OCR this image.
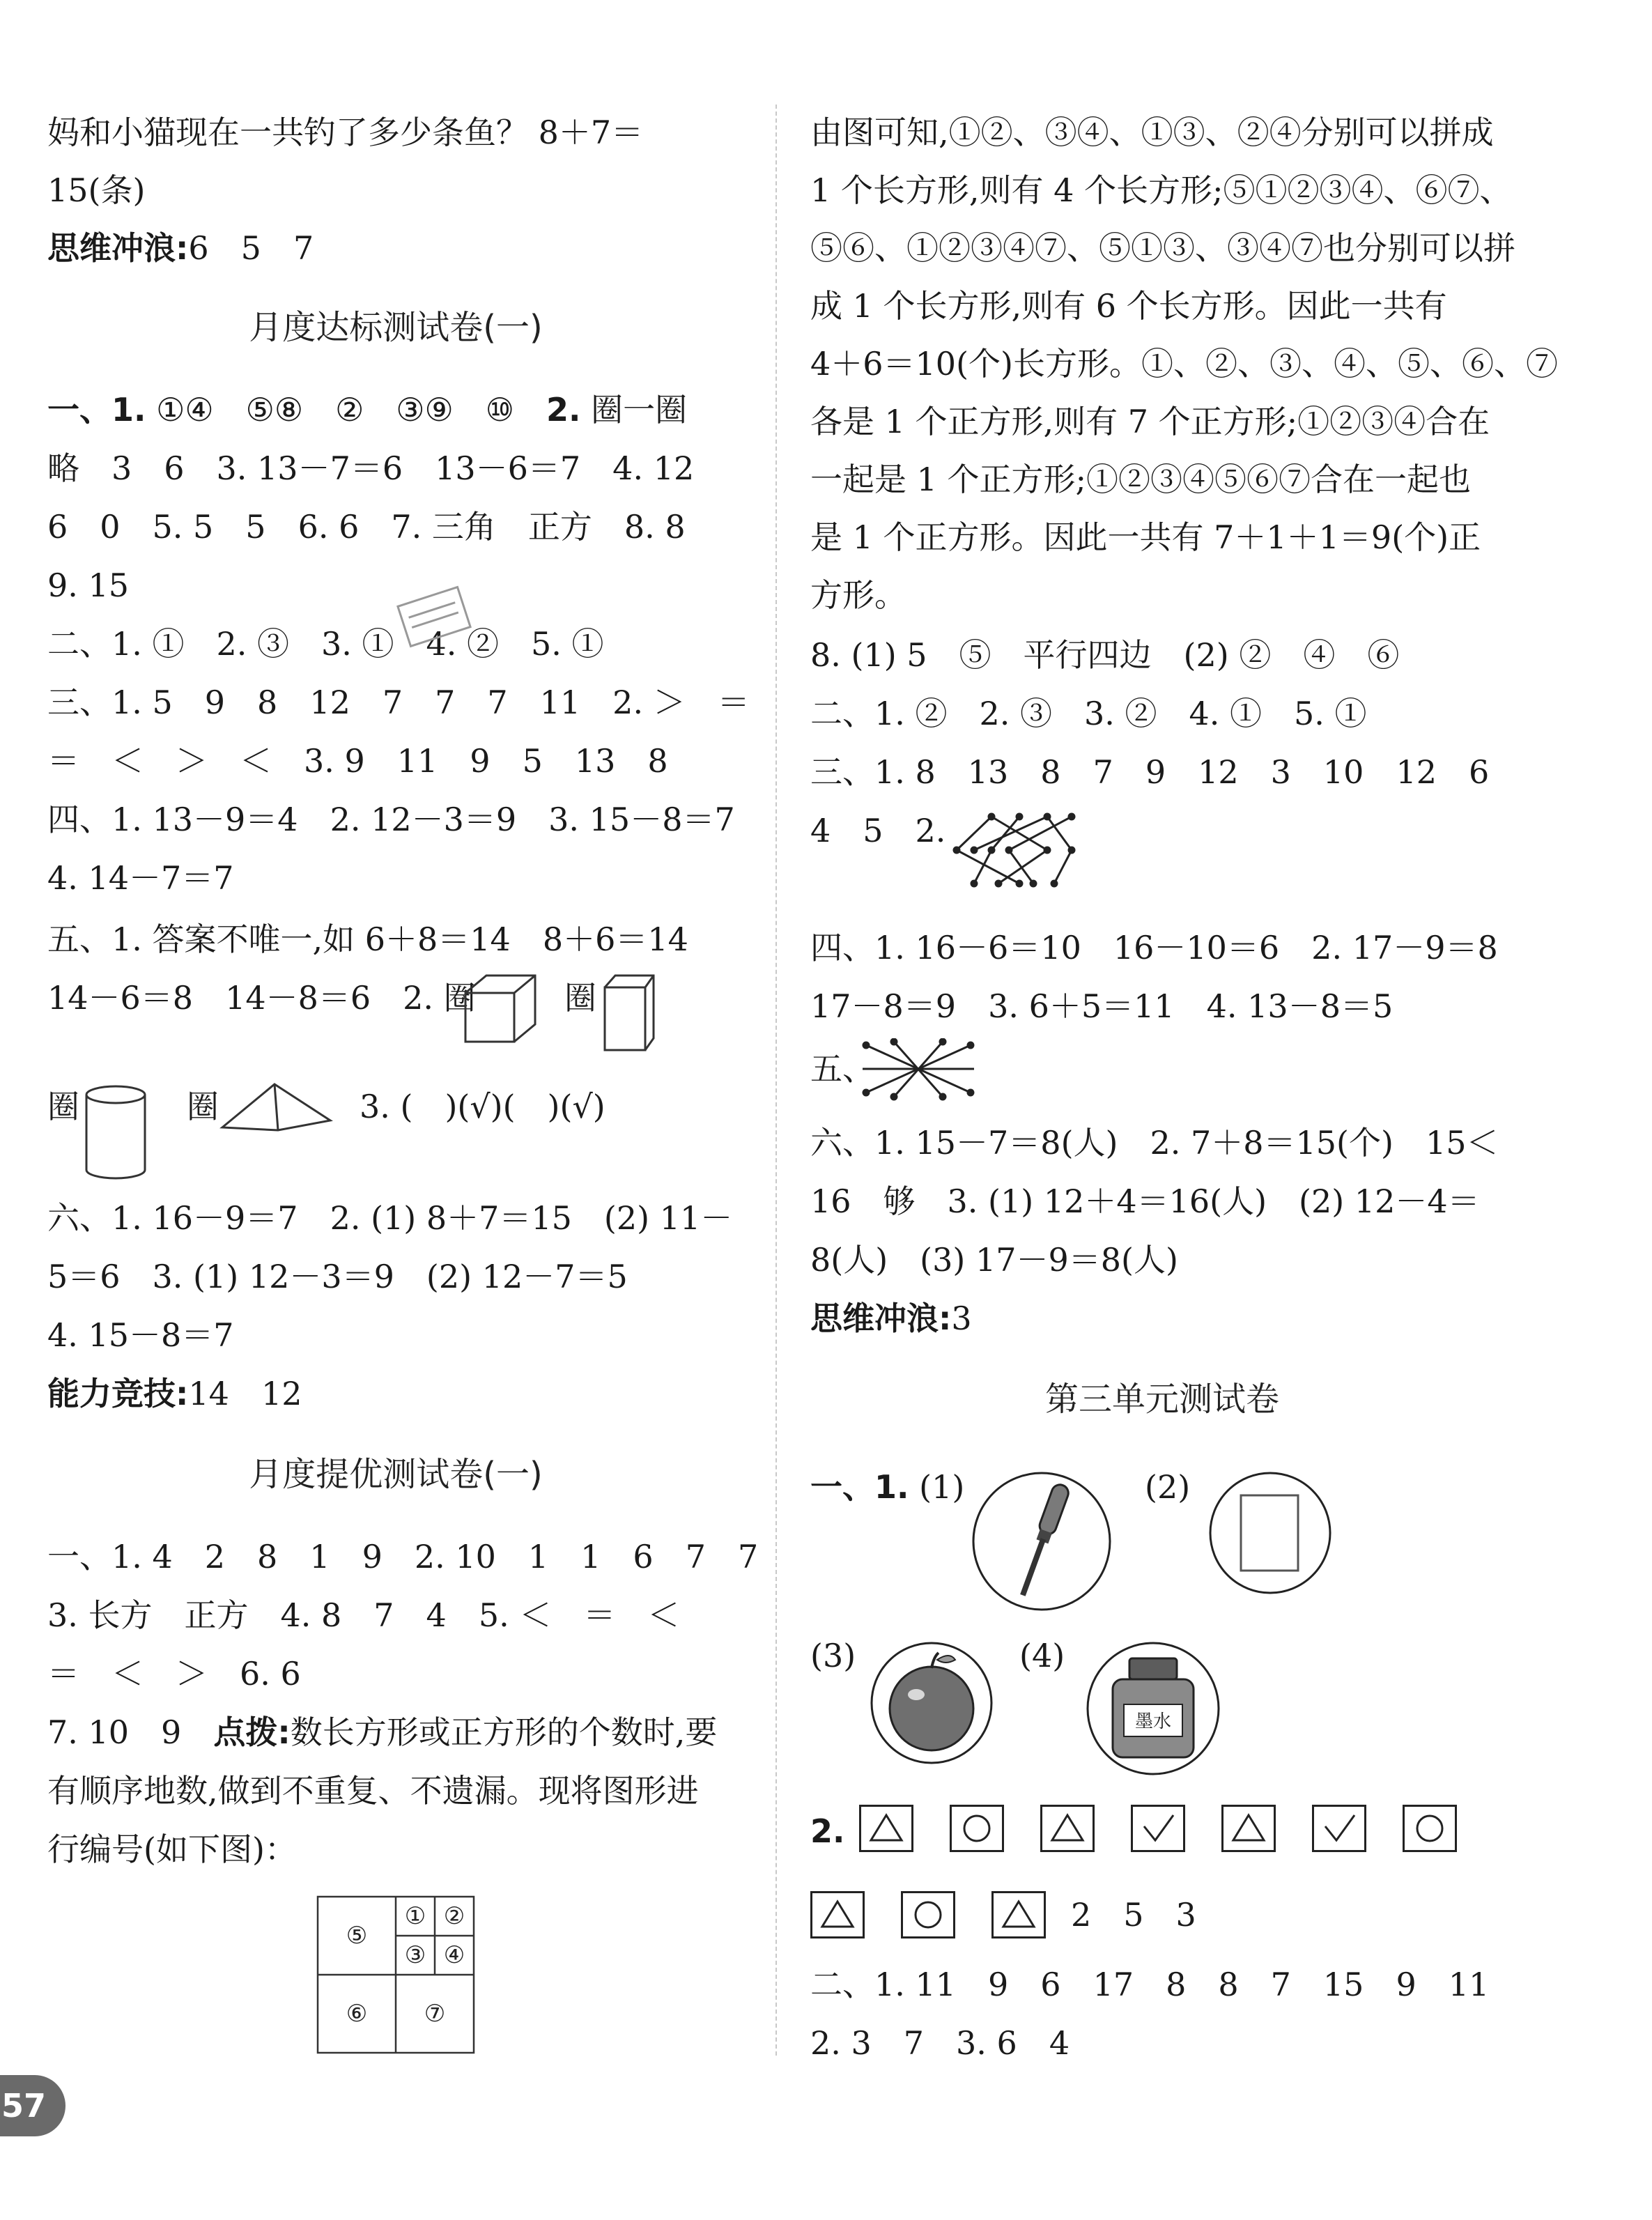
妈和小猫现在一共钓了多少条鱼？ 8＋7＝
15(条)
思维冲浪:6　5　7
月度达标测试卷(一)
一、1. ①④　⑤⑧　②　③⑨　⑩　 2. 圈一圈
略　3　6　3. 13－7＝6　13－6＝7　4. 12
6　0　5. 5　5　6. 6　7. 三角　正方　8. 8
9. 15
二、1. ①　2. ③　3. ①　4. ②　5. ①
三、1. 5　9　8　12　7　7　7　11　2. ＞　＝
＝　＜　＞　＜　3. 9　11　9　5　13　8
四、1. 13－9＝4　2. 12－3＝9　3. 15－8＝7
4. 14－7＝7
五、1. 答案不唯一,如 6＋8＝14　8＋6＝14
14－6＝8　14－8＝6　2. 圈	圈
圈	圈	3. (　)(√)(　)(√)
六、1. 16－9＝7　2. (1) 8＋7＝15　(2) 11－
5＝6　3. (1) 12－3＝9　(2) 12－7＝5
4. 15－8＝7
能力竞技:14　12
月度提优测试卷(一)
一、1. 4　2　8　1　9　2. 10　1　1　6　7　7
3. 长方　正方　4. 8　7　4　5. ＜　＝　＜
＝　＜　＞　6. 6
7. 10　9　点拨:数长方形或正方形的个数时,要
有顺序地数,做到不重复、不遗漏。现将图形进
行编号(如下图)：
⑤
① ②
③ ④
⑥ ⑦
由图可知,①②、③④、①③、②④分别可以拼成
1 个长方形,则有 4 个长方形;⑤①②③④、⑥⑦、
⑤⑥、①②③④⑦、⑤①③、③④⑦也分别可以拼
成 1 个长方形,则有 6 个长方形。因此一共有
4＋6＝10(个)长方形。①、②、③、④、⑤、⑥、⑦
各是 1 个正方形,则有 7 个正方形;①②③④合在
一起是 1 个正方形;①②③④⑤⑥⑦合在一起也
是 1 个正方形。因此一共有 7＋1＋1＝9(个)正
方形。
8. (1) 5　⑤　平行四边　(2) ②　④　⑥
二、1. ②　2. ③　3. ②　4. ①　5. ①
三、1. 8　13　8　7　9　12　3　10　12　6
4　5　2.
四、1. 16－6＝10　16－10＝6　2. 17－9＝8
17－8＝9　3. 6＋5＝11　4. 13－8＝5
五、
六、1. 15－7＝8(人)　2. 7＋8＝15(个)　15＜
16　够　3. (1) 12＋4＝16(人)　(2) 12－4＝
8(人)　(3) 17－9＝8(人)
思维冲浪:3
第三单元测试卷
一、1. (1)	(2)
(3)	(4)
墨水
2.
2　5　3
二、1. 11　9　6　17　8　8　7　15　9　11
2. 3　7　3. 6　4
57
